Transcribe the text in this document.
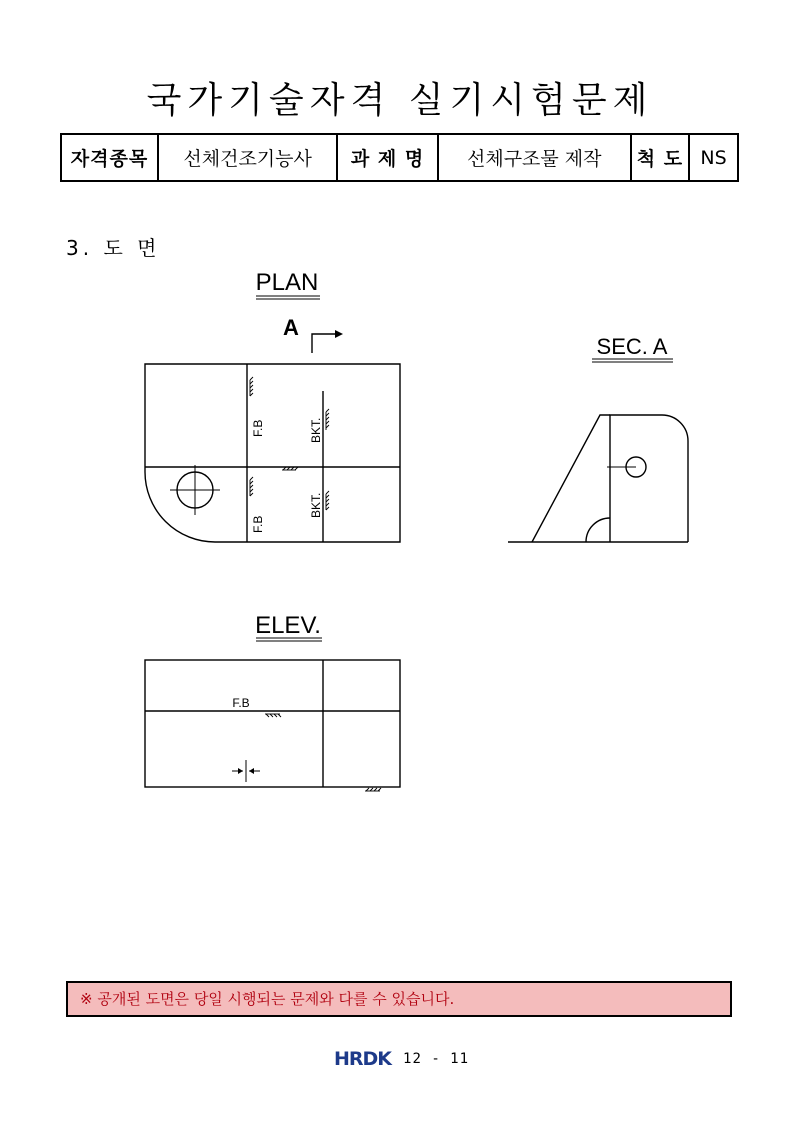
국가기술자격 실기시험문제
자격종목	선체건조기능사	과 제 명	선체구조물 제작	척 도	NS
3. 도 면
PLAN
A
F.B
F.B
BKT.
BKT.
SEC. A
ELEV.
F.B
※ 공개된 도면은 당일 시행되는 문제와 다를 수 있습니다.
HRDK 12 - 11
